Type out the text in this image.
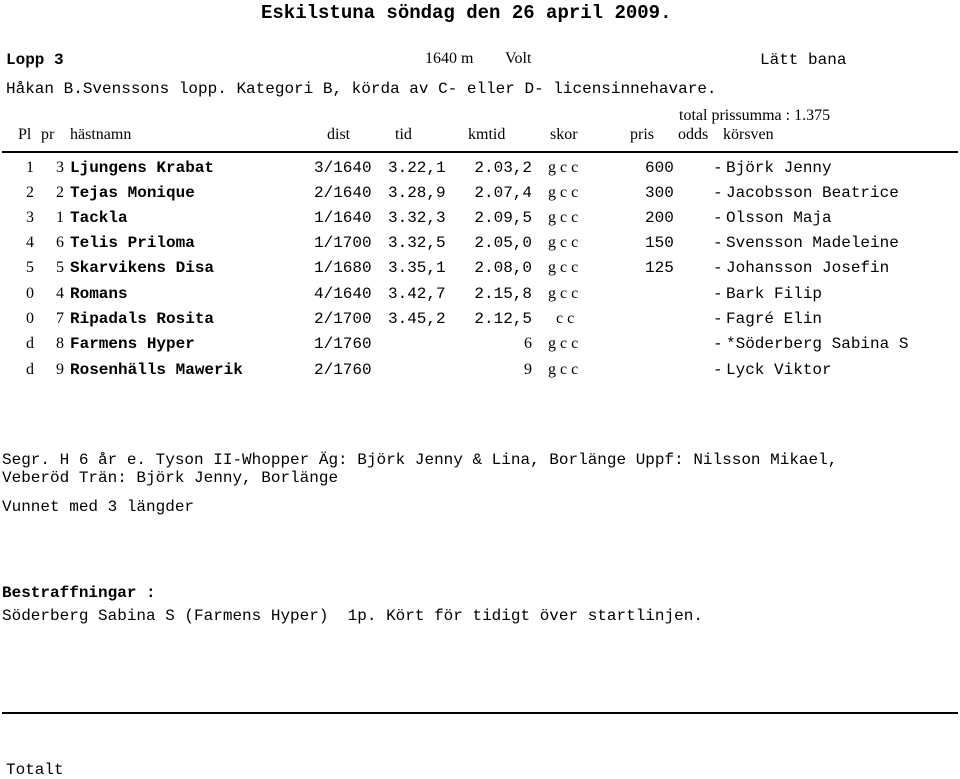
Eskilstuna söndag den 26 april 2009.
Lopp 3	1640 m Volt	Lätt bana
Håkan B.Svenssons lopp. Kategori B, körda av C- eller D- licensinnehavare.
total prissumma : 1.375
Pl pr hästnamn	dist	tid	kmtid	skor	pris odds körsven
1 3 Ljungens Krabat	3/1640 3.22,1 2.03,2 g c c	600 - Björk Jenny
2 2 Tejas Monique	2/1640 3.28,9 2.07,4 g c c	300 - Jacobsson Beatrice
3 1 Tackla	1/1640 3.32,3 2.09,5 g c c	200 - Olsson Maja
4 6 Telis Priloma	1/1700 3.32,5 2.05,0 g c c	150 - Svensson Madeleine
5 5 Skarvikens Disa	1/1680 3.35,1 2.08,0 g c c	125 - Johansson Josefin
0 4 Romans	4/1640 3.42,7 2.15,8 g c c	- Bark Filip
0 7 Ripadals Rosita	2/1700 3.45,2 2.12,5 c c	- Fagré Elin
d 8 Farmens Hyper	1/1760	6 g c c	- *Söderberg Sabina S
d 9 Rosenhälls Mawerik	2/1760	9 g c c	- Lyck Viktor
Segr. H 6 år e. Tyson II-Whopper Äg: Björk Jenny & Lina, Borlänge Uppf: Nilsson Mikael,
Veberöd Trän: Björk Jenny, Borlänge
Vunnet med 3 längder
Bestraffningar :
Söderberg Sabina S (Farmens Hyper)  1p. Kört för tidigt över startlinjen.
Totalt
